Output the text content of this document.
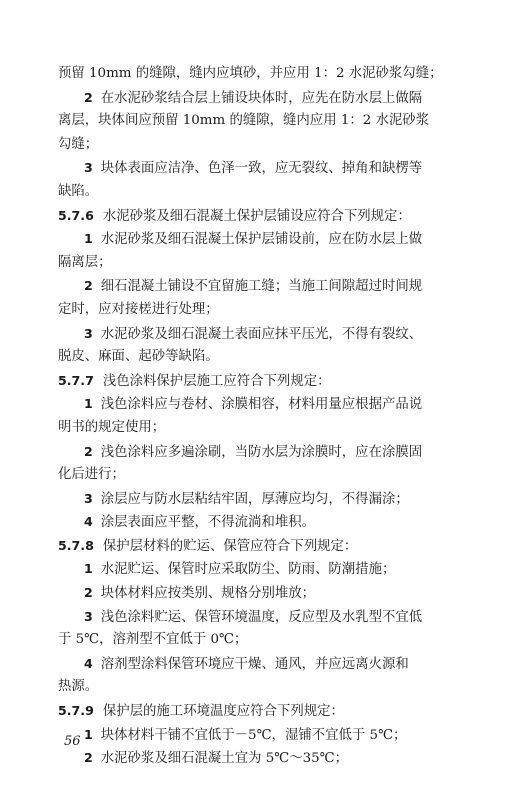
预留 10mm 的缝隙，缝内应填砂，并应用 1：2 水泥砂浆勾缝；
2 在水泥砂浆结合层上铺设块体时，应先在防水层上做隔
离层，块体间应预留 10mm 的缝隙，缝内应用 1：2 水泥砂浆
勾缝；
3 块体表面应洁净、色泽一致，应无裂纹、掉角和缺楞等
缺陷。
5.7.6 水泥砂浆及细石混凝土保护层铺设应符合下列规定：
1 水泥砂浆及细石混凝土保护层铺设前，应在防水层上做
隔离层；
2 细石混凝土铺设不宜留施工缝；当施工间隙超过时间规
定时，应对接槎进行处理；
3 水泥砂浆及细石混凝土表面应抹平压光，不得有裂纹、
脱皮、麻面、起砂等缺陷。
5.7.7 浅色涂料保护层施工应符合下列规定：
1 浅色涂料应与卷材、涂膜相容，材料用量应根据产品说
明书的规定使用；
2 浅色涂料应多遍涂刷，当防水层为涂膜时，应在涂膜固
化后进行；
3 涂层应与防水层粘结牢固，厚薄应均匀，不得漏涂；
4 涂层表面应平整，不得流淌和堆积。
5.7.8 保护层材料的贮运、保管应符合下列规定：
1 水泥贮运、保管时应采取防尘、防雨、防潮措施；
2 块体材料应按类别、规格分别堆放；
3 浅色涂料贮运、保管环境温度，反应型及水乳型不宜低
于 5℃，溶剂型不宜低于 0℃；
4 溶剂型涂料保管环境应干燥、通风，并应远离火源和
热源。
5.7.9 保护层的施工环境温度应符合下列规定：
1 块体材料干铺不宜低于－5℃，湿铺不宜低于 5℃；
2 水泥砂浆及细石混凝土宜为 5℃～35℃；
56
